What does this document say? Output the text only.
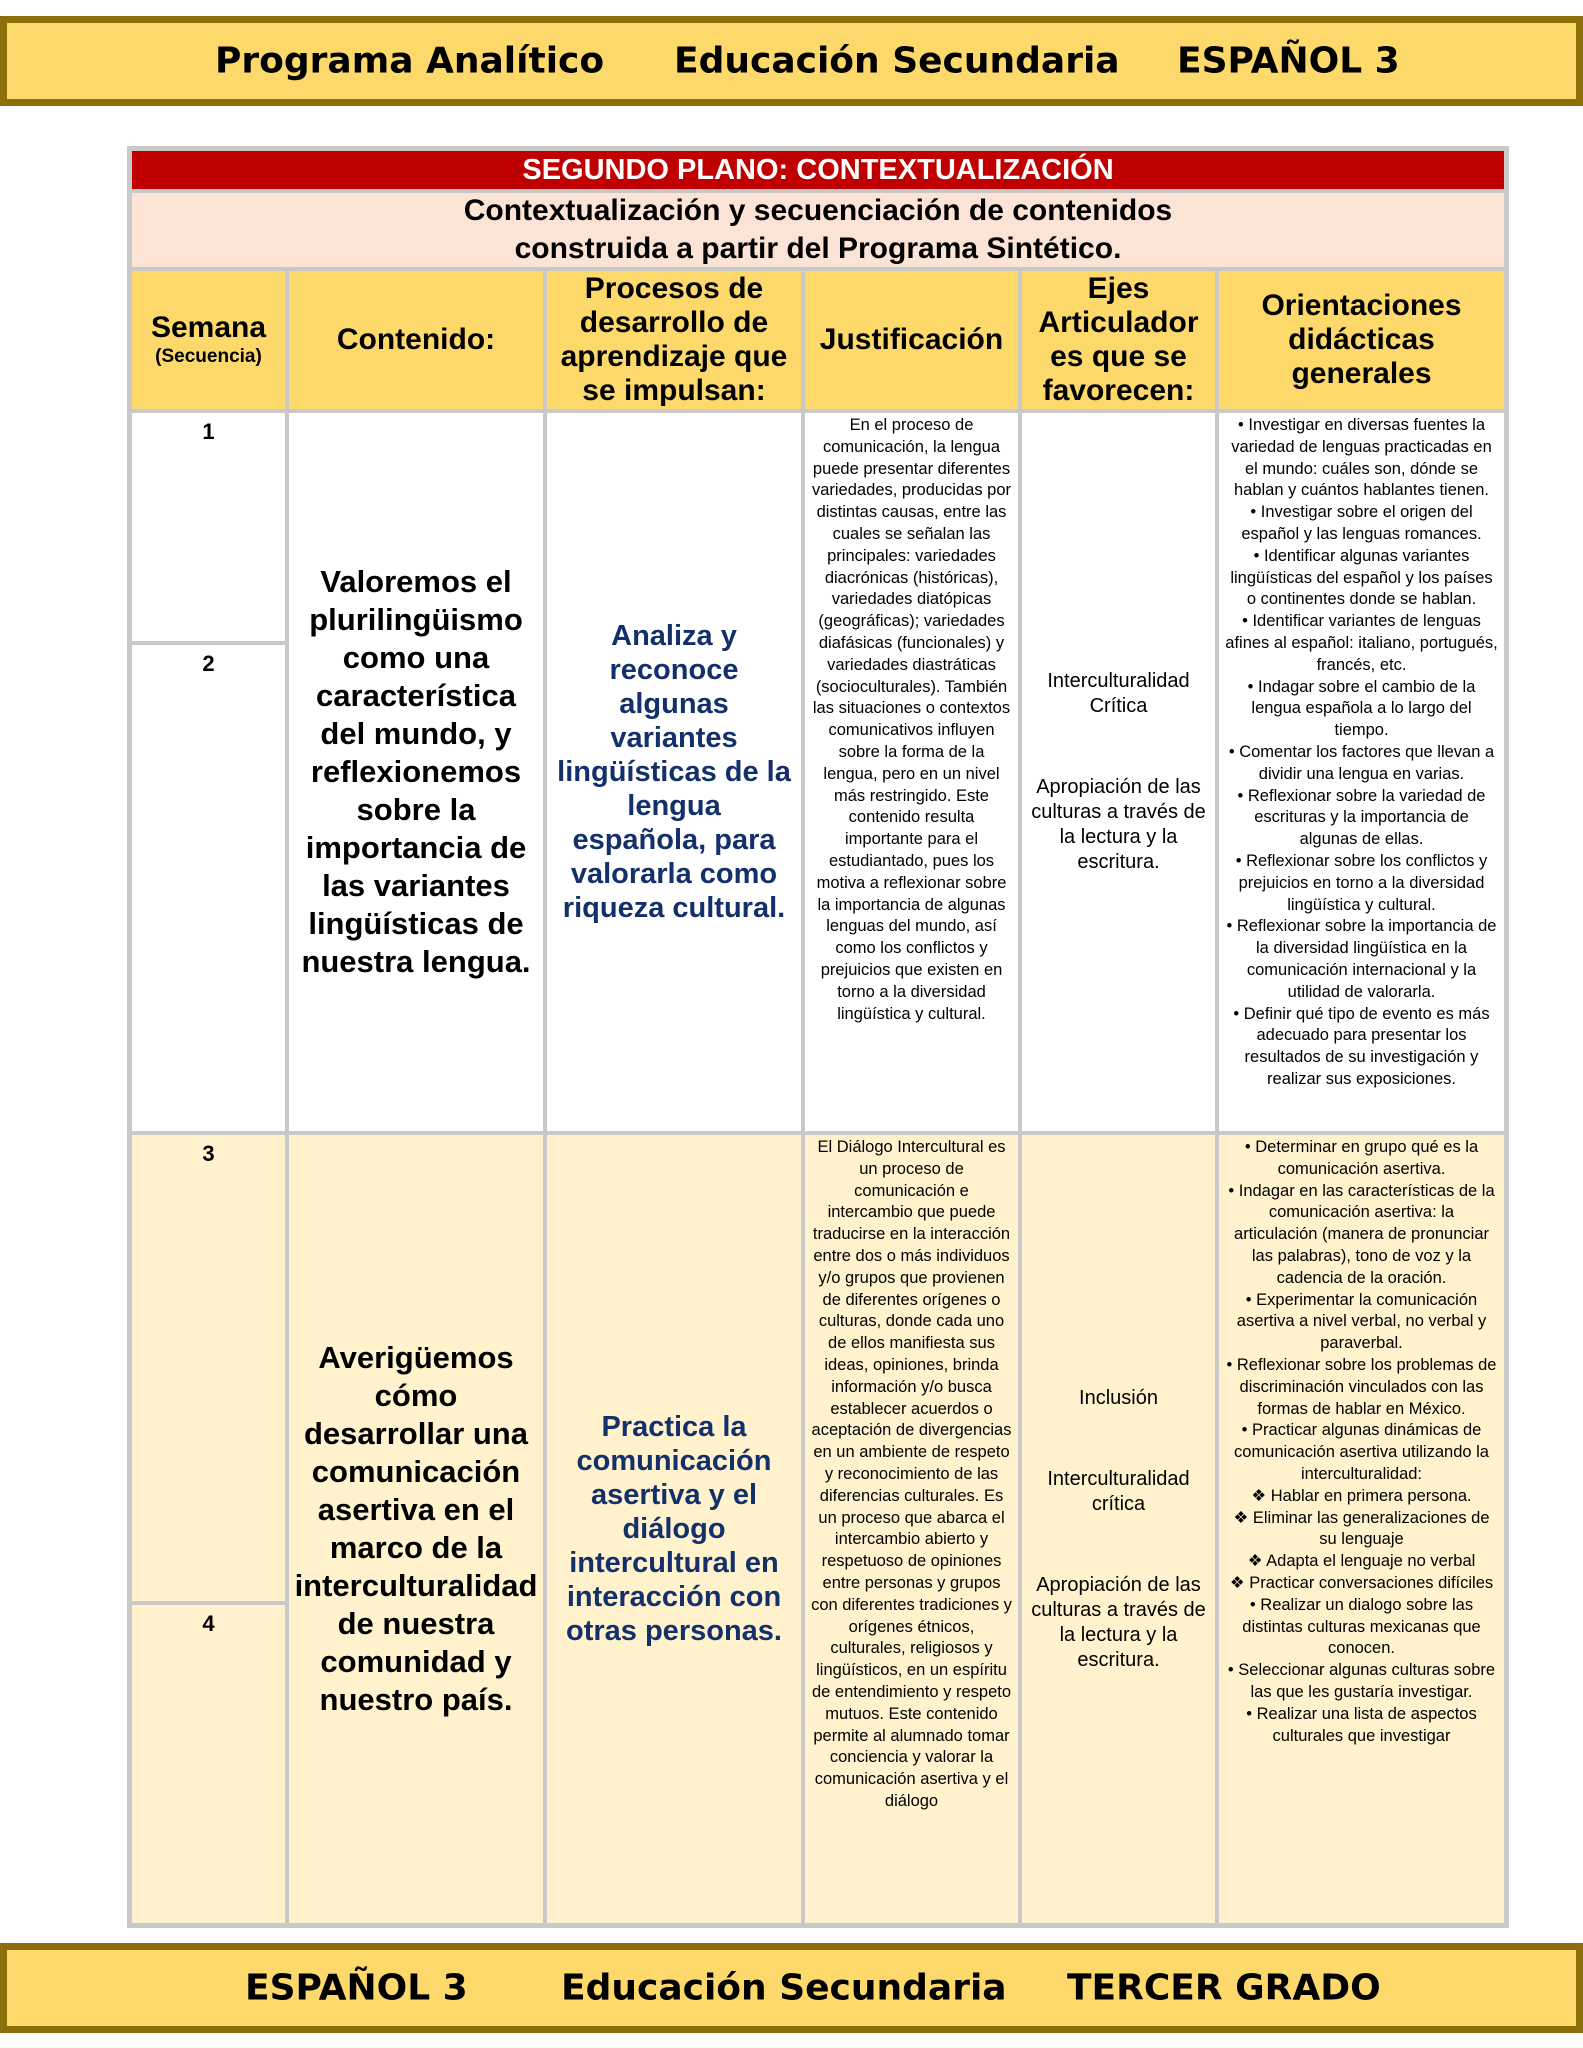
Programa Analítico Educación Secundaria ESPAÑOL 3
SEGUNDO PLANO: CONTEXTUALIZACIÓN
Contextualización y secuenciación de contenidos
construida a partir del Programa Sintético.
Semana
(Secuencia)
Contenido:
Procesos de desarrollo de aprendizaje que se impulsan:
Justificación
Ejes Articulador es que se favorecen:
Orientaciones didácticas generales
1
2
Valoremos el plurilingüismo como una característica del mundo, y reflexionemos sobre la importancia de las variantes lingüísticas de nuestra lengua.
Analiza y reconoce algunas variantes lingüísticas de la lengua española, para valorarla como riqueza cultural.
En el proceso de comunicación, la lengua puede presentar diferentes variedades, producidas por distintas causas, entre las cuales se señalan las principales: variedades diacrónicas (históricas), variedades diatópicas (geográficas); variedades diafásicas (funcionales) y variedades diastráticas (socioculturales). También las situaciones o contextos comunicativos influyen sobre la forma de la lengua, pero en un nivel más restringido. Este contenido resulta importante para el estudiantado, pues los motiva a reflexionar sobre la importancia de algunas lenguas del mundo, así como los conflictos y prejuicios que existen en torno a la diversidad lingüística y cultural.
Interculturalidad Crítica
Apropiación de las culturas a través de la lectura y la escritura.
• Investigar en diversas fuentes la variedad de lenguas practicadas en el mundo: cuáles son, dónde se hablan y cuántos hablantes tienen.
• Investigar sobre el origen del español y las lenguas romances.
• Identificar algunas variantes lingüísticas del español y los países o continentes donde se hablan.
• Identificar variantes de lenguas afines al español: italiano, portugués, francés, etc.
• Indagar sobre el cambio de la lengua española a lo largo del tiempo.
• Comentar los factores que llevan a dividir una lengua en varias.
• Reflexionar sobre la variedad de escrituras y la importancia de algunas de ellas.
• Reflexionar sobre los conflictos y prejuicios en torno a la diversidad lingüística y cultural.
• Reflexionar sobre la importancia de la diversidad lingüística en la comunicación internacional y la utilidad de valorarla.
• Definir qué tipo de evento es más adecuado para presentar los resultados de su investigación y realizar sus exposiciones.
3
4
Averigüemos cómo desarrollar una comunicación asertiva en el marco de la interculturalidad de nuestra comunidad y nuestro país.
Practica la comunicación asertiva y el diálogo intercultural en interacción con otras personas.
El Diálogo Intercultural es un proceso de comunicación e intercambio que puede traducirse en la interacción entre dos o más individuos y/o grupos que provienen de diferentes orígenes o culturas, donde cada uno de ellos manifiesta sus ideas, opiniones, brinda información y/o busca establecer acuerdos o aceptación de divergencias en un ambiente de respeto y reconocimiento de las diferencias culturales. Es un proceso que abarca el intercambio abierto y respetuoso de opiniones entre personas y grupos con diferentes tradiciones y orígenes étnicos, culturales, religiosos y lingüísticos, en un espíritu de entendimiento y respeto mutuos. Este contenido permite al alumnado tomar conciencia y valorar la comunicación asertiva y el diálogo
Inclusión
Interculturalidad crítica
Apropiación de las culturas a través de la lectura y la escritura.
• Determinar en grupo qué es la comunicación asertiva.
• Indagar en las características de la comunicación asertiva: la articulación (manera de pronunciar las palabras), tono de voz y la cadencia de la oración.
• Experimentar la comunicación asertiva a nivel verbal, no verbal y paraverbal.
• Reflexionar sobre los problemas de discriminación vinculados con las formas de hablar en México.
• Practicar algunas dinámicas de comunicación asertiva utilizando la interculturalidad:
❖ Hablar en primera persona.
❖ Eliminar las generalizaciones de su lenguaje
❖ Adapta el lenguaje no verbal
❖ Practicar conversaciones difíciles
• Realizar un dialogo sobre las distintas culturas mexicanas que conocen.
• Seleccionar algunas culturas sobre las que les gustaría investigar.
• Realizar una lista de aspectos culturales que investigar
ESPAÑOL 3	Educación Secundaria TERCER GRADO
